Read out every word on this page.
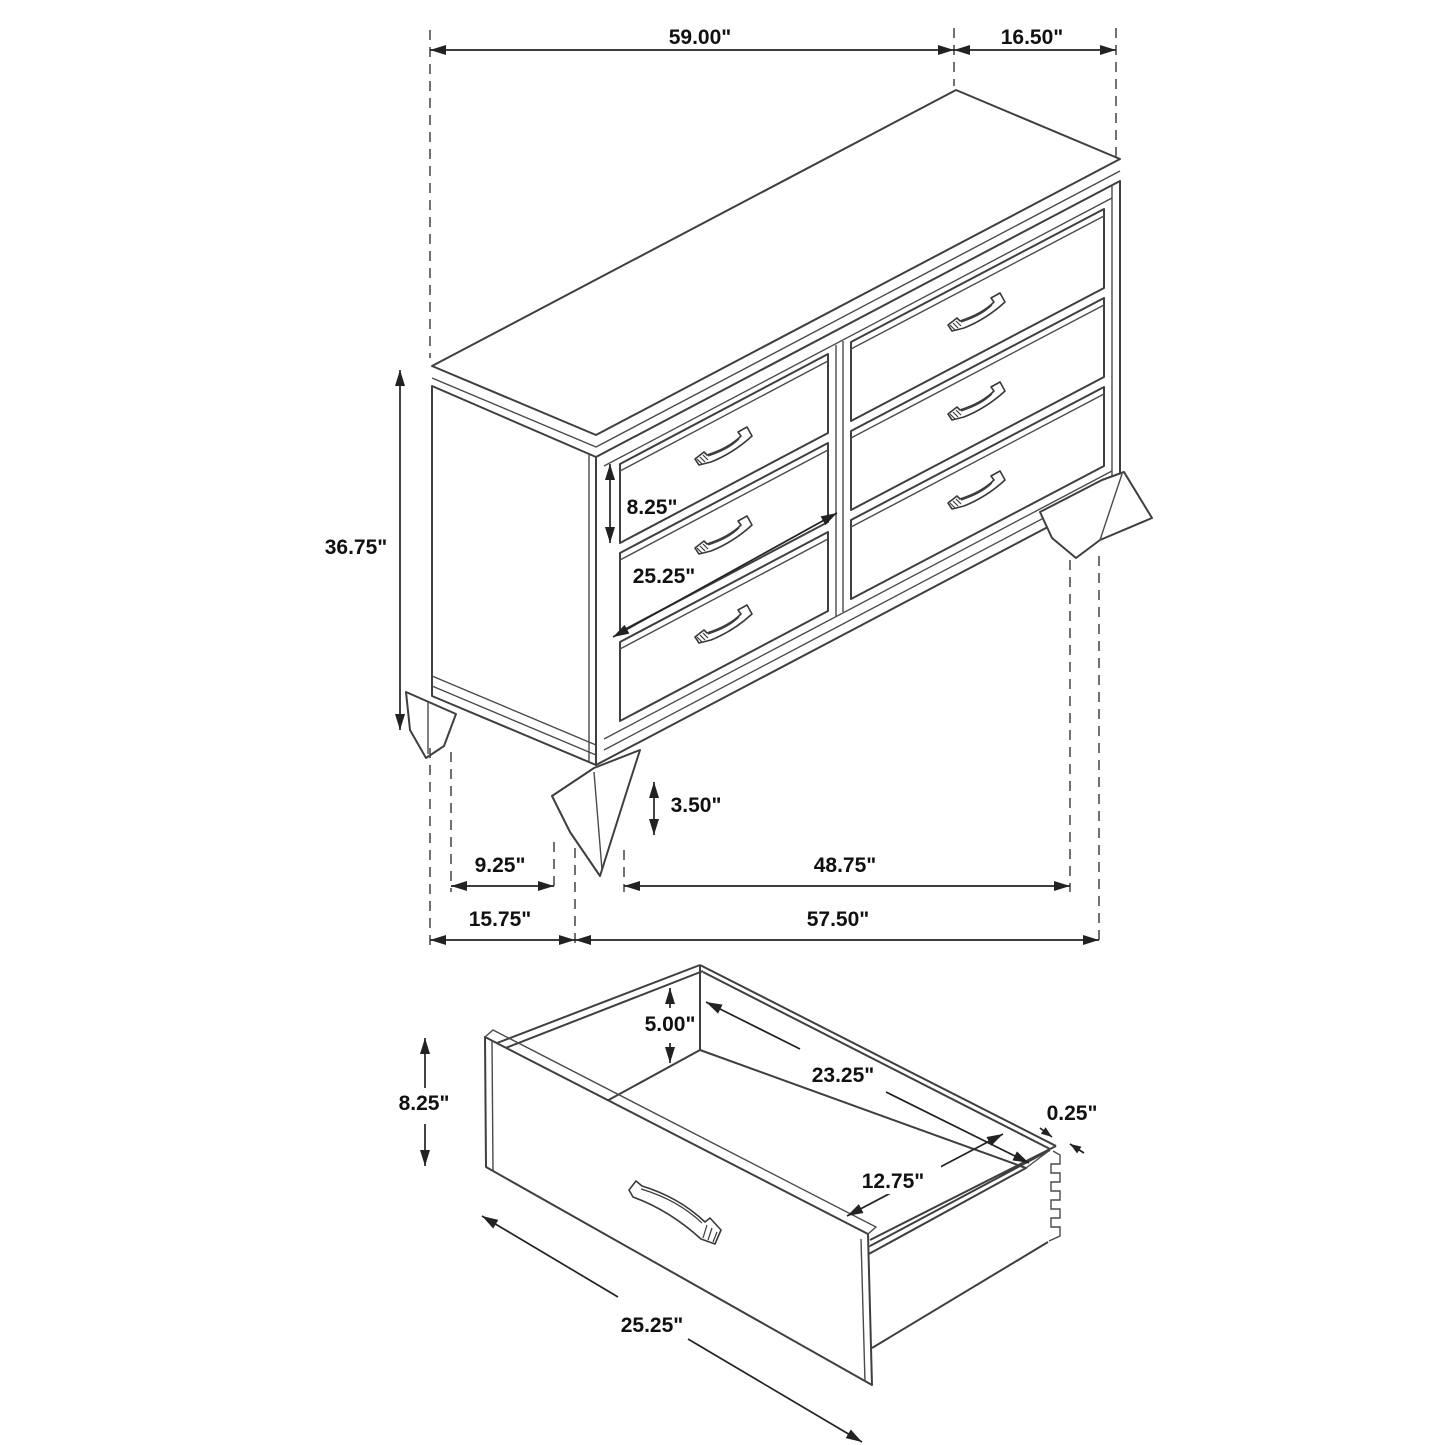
59.00"	16.50"
36.75"
8.25"
25.25"
3.50"
9.25"	48.75"
15.75"	57.50"
8.25"
5.00"
23.25"
0.25"
12.75"
25.25"
